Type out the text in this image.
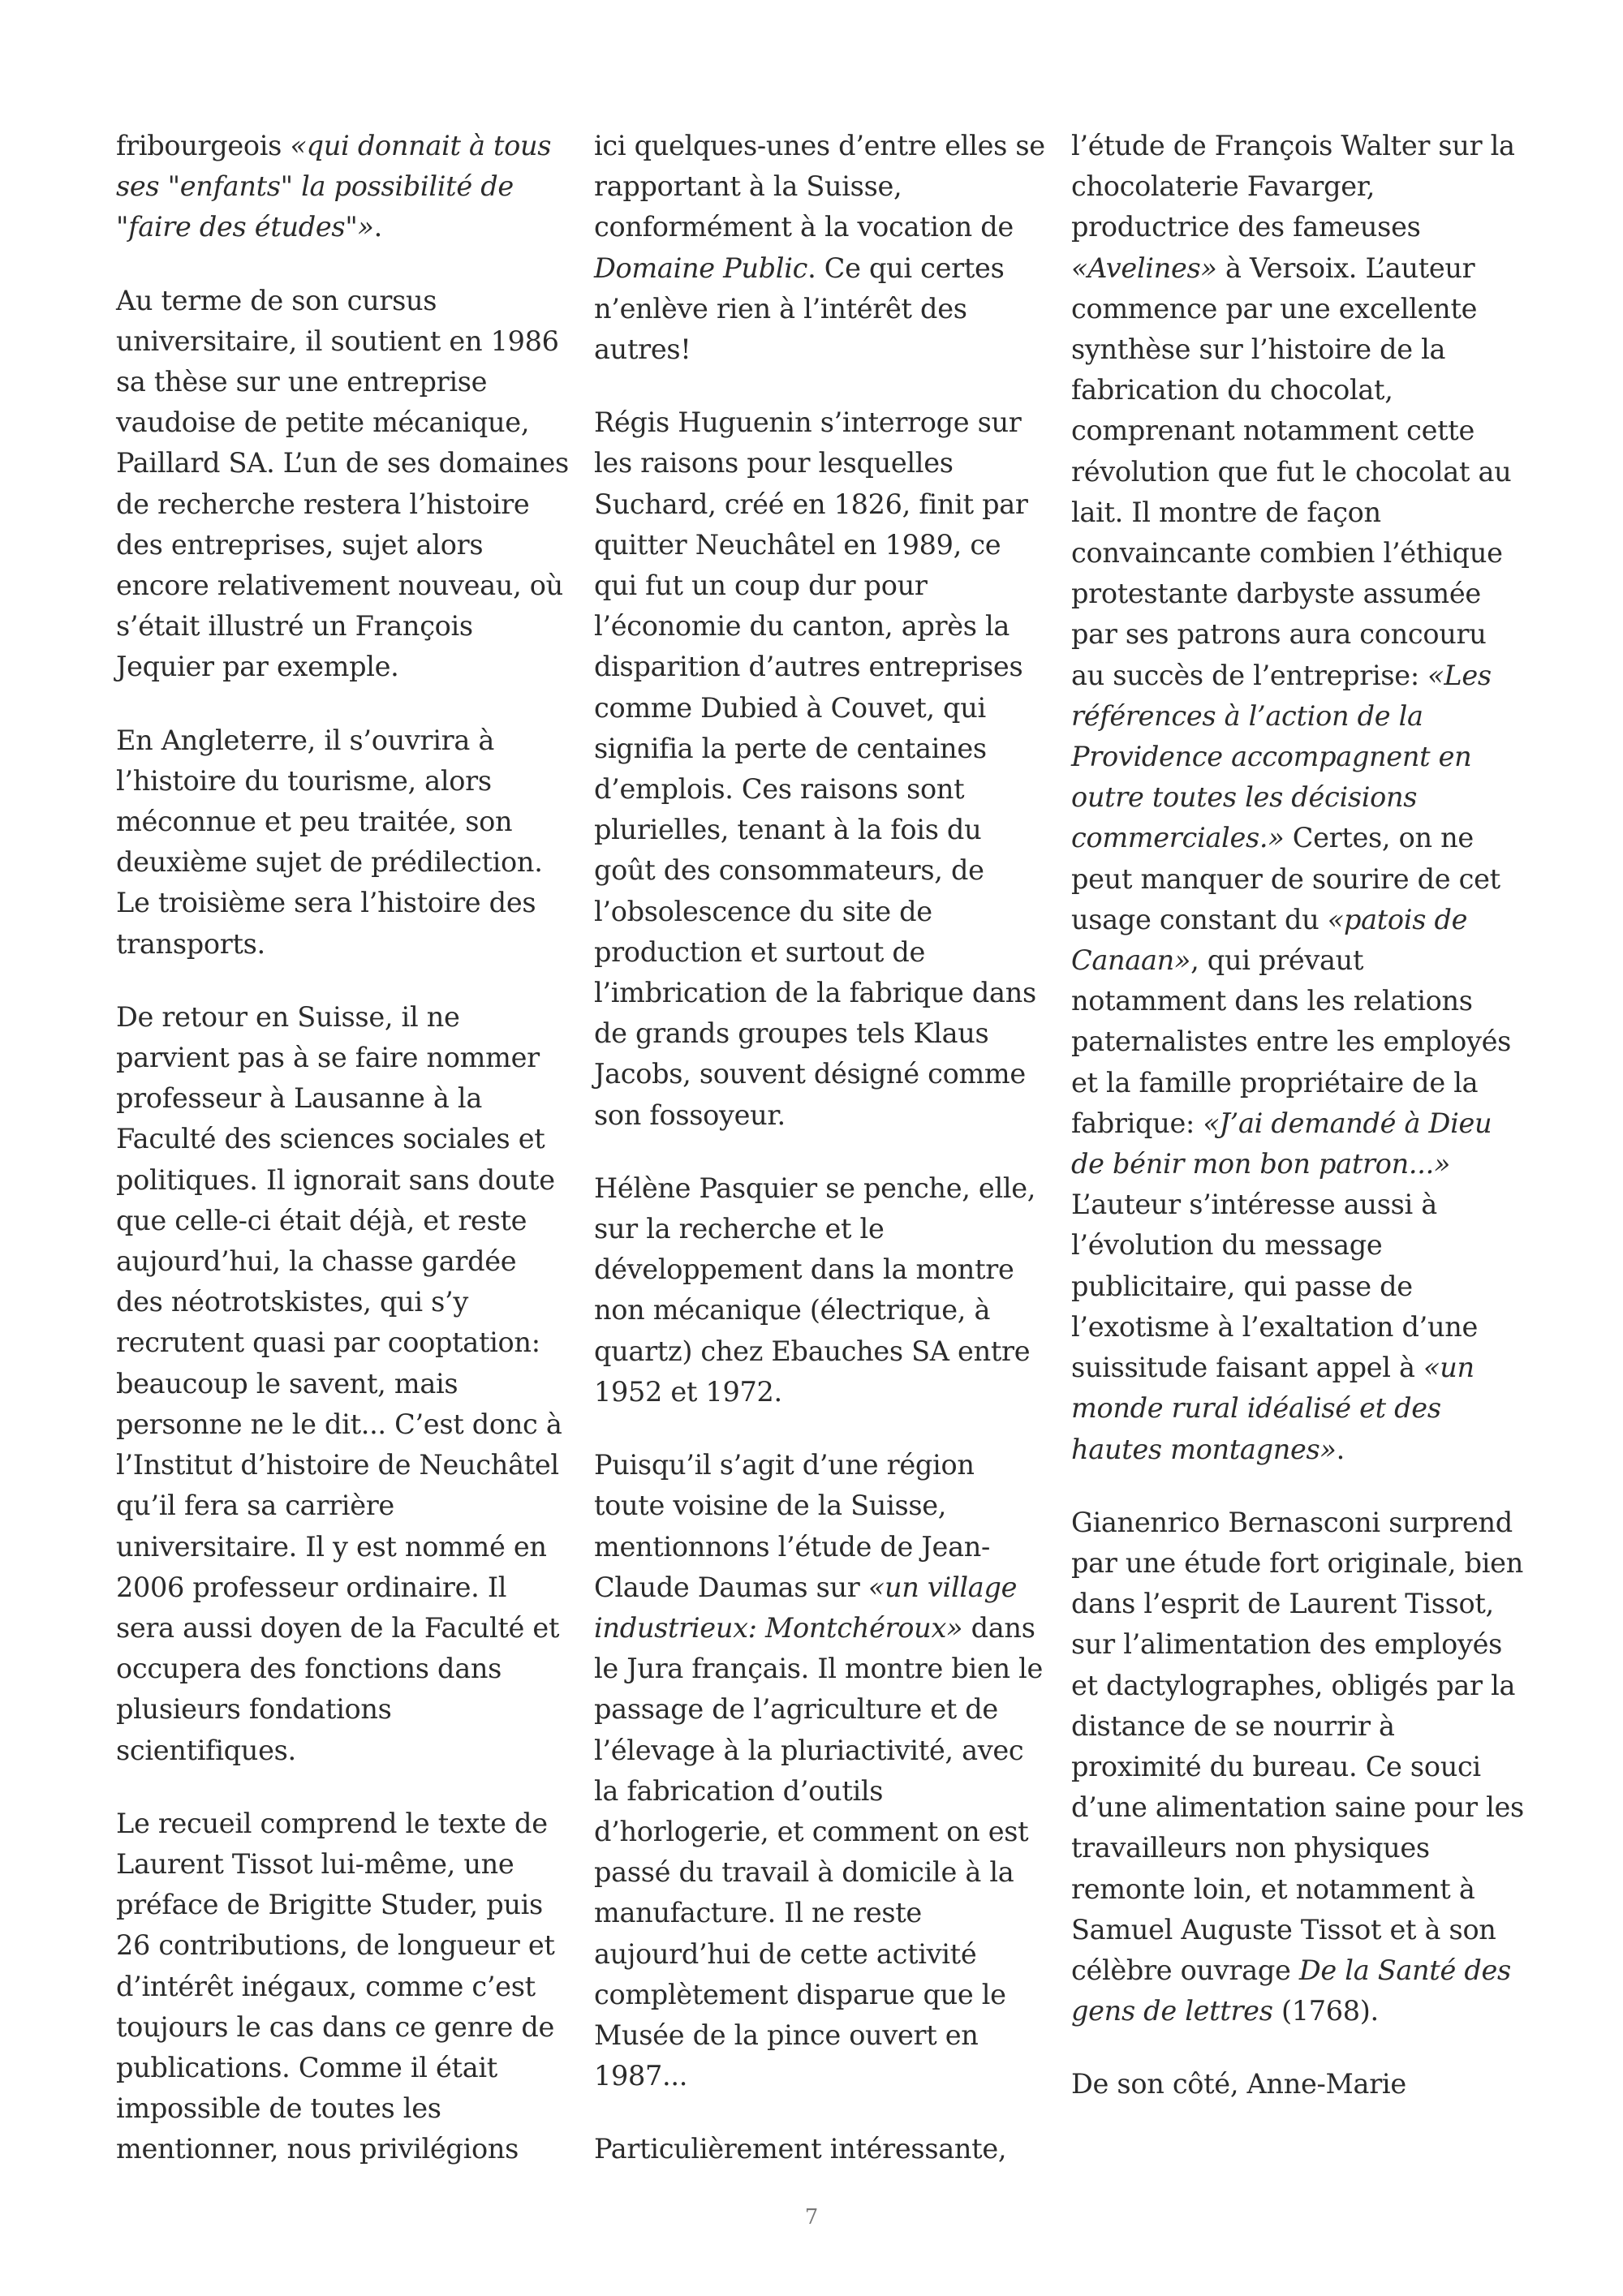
fribourgeois «qui donnait à tous ses "enfants" la possibilité de "faire des études"».

Au terme de son cursus universitaire, il soutient en 1986 sa thèse sur une entreprise vaudoise de petite mécanique, Paillard SA. L’un de ses domaines de recherche restera l’histoire des entreprises, sujet alors encore relativement nouveau, où s’était illustré un François Jequier par exemple.

En Angleterre, il s’ouvrira à l’histoire du tourisme, alors méconnue et peu traitée, son deuxième sujet de prédilection. Le troisième sera l’histoire des transports.

De retour en Suisse, il ne parvient pas à se faire nommer professeur à Lausanne à la Faculté des sciences sociales et politiques. Il ignorait sans doute que celle-ci était déjà, et reste aujourd’hui, la chasse gardée des néotrotskistes, qui s’y recrutent quasi par cooptation: beaucoup le savent, mais personne ne le dit... C’est donc à l’Institut d’histoire de Neuchâtel qu’il fera sa carrière universitaire. Il y est nommé en 2006 professeur ordinaire. Il sera aussi doyen de la Faculté et occupera des fonctions dans plusieurs fondations scientifiques.

Le recueil comprend le texte de Laurent Tissot lui-même, une préface de Brigitte Studer, puis 26 contributions, de longueur et d’intérêt inégaux, comme c’est toujours le cas dans ce genre de publications. Comme il était impossible de toutes les mentionner, nous privilégions

ici quelques-unes d’entre elles se rapportant à la Suisse, conformément à la vocation de Domaine Public. Ce qui certes n’enlève rien à l’intérêt des autres!

Régis Huguenin s’interroge sur les raisons pour lesquelles Suchard, créé en 1826, finit par quitter Neuchâtel en 1989, ce qui fut un coup dur pour l’économie du canton, après la disparition d’autres entreprises comme Dubied à Couvet, qui signifia la perte de centaines d’emplois. Ces raisons sont plurielles, tenant à la fois du goût des consommateurs, de l’obsolescence du site de production et surtout de l’imbrication de la fabrique dans de grands groupes tels Klaus Jacobs, souvent désigné comme son fossoyeur.

Hélène Pasquier se penche, elle, sur la recherche et le développement dans la montre non mécanique (électrique, à quartz) chez Ebauches SA entre 1952 et 1972.

Puisqu’il s’agit d’une région toute voisine de la Suisse, mentionnons l’étude de Jean-Claude Daumas sur «un village industrieux: Montchéroux» dans le Jura français. Il montre bien le passage de l’agriculture et de l’élevage à la pluriactivité, avec la fabrication d’outils d’horlogerie, et comment on est passé du travail à domicile à la manufacture. Il ne reste aujourd’hui de cette activité complètement disparue que le Musée de la pince ouvert en 1987...

Particulièrement intéressante,

l’étude de François Walter sur la chocolaterie Favarger, productrice des fameuses «Avelines» à Versoix. L’auteur commence par une excellente synthèse sur l’histoire de la fabrication du chocolat, comprenant notamment cette révolution que fut le chocolat au lait. Il montre de façon convaincante combien l’éthique protestante darbyste assumée par ses patrons aura concouru au succès de l’entreprise: «Les références à l’action de la Providence accompagnent en outre toutes les décisions commerciales.» Certes, on ne peut manquer de sourire de cet usage constant du «patois de Canaan», qui prévaut notamment dans les relations paternalistes entre les employés et la famille propriétaire de la fabrique: «J’ai demandé à Dieu de bénir mon bon patron...» L’auteur s’intéresse aussi à l’évolution du message publicitaire, qui passe de l’exotisme à l’exaltation d’une suissitude faisant appel à «un monde rural idéalisé et des hautes montagnes».

Gianenrico Bernasconi surprend par une étude fort originale, bien dans l’esprit de Laurent Tissot, sur l’alimentation des employés et dactylographes, obligés par la distance de se nourrir à proximité du bureau. Ce souci d’une alimentation saine pour les travailleurs non physiques remonte loin, et notamment à Samuel Auguste Tissot et à son célèbre ouvrage De la Santé des gens de lettres (1768).

De son côté, Anne-Marie

7
